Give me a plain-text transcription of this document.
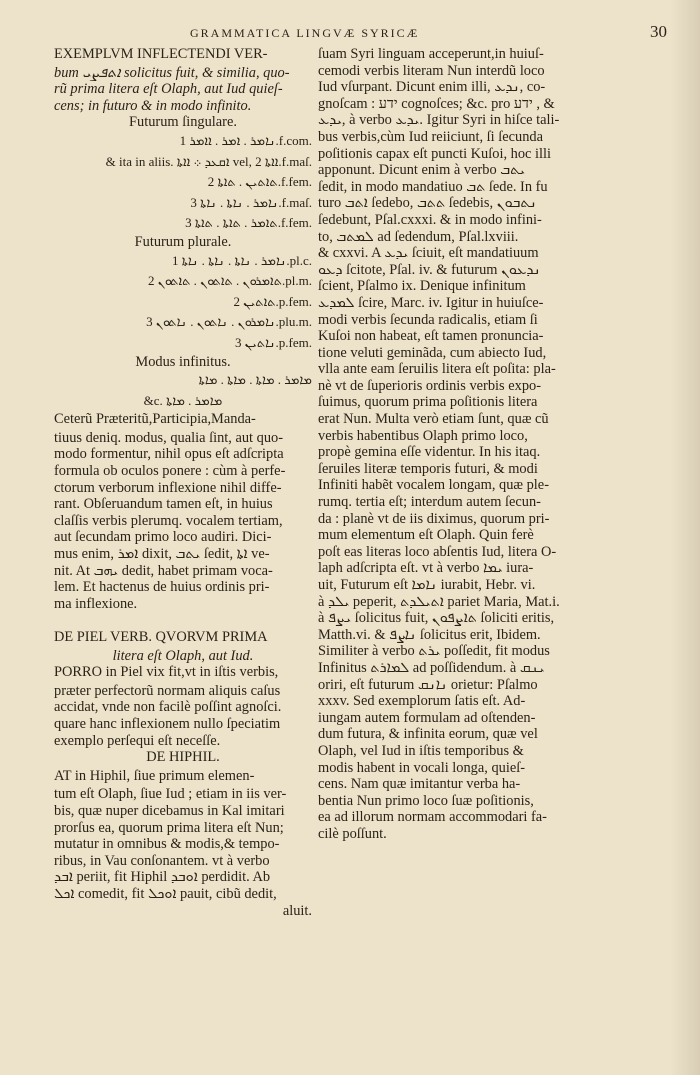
GRAMMATICA LINGVÆ SYRICÆ	30
EXEMPLVM INFLECTENDI VER-
bum ܐܬܦܨܝ solicitus fuit, & similia, quo-
rũ prima litera eſt Olaph, aut Iud quieſ-
cens; in futuro & in modo infinito.
Futurum ſingulare.
ܢܐܡܪ . ܐܡܪ . ܐܐܡܪ 1.f.com.
& ita in aliis. ܐܩܥܕ ܀ ܐܐܬܐ vel, ܐܐܬܐ 2.f.maſ.
ܬܐܬܝܢ . ܬܐܬܐ 2.f.fem.
ܢܐܡܪ . ܢܐܬܐ . ܢܐܬܐ 3.f.maſ.
ܬܐܡܪ . ܬܐܬܐ . ܬܐܬܐ 3.f.fem.
Futurum plurale.
ܢܐܡܪ . ܢܐܬܐ . ܢܐܬܐ . ܢܐܬܐ 1.pl.c.
ܬܐܡܪܘܢ . ܬܐܬܘܢ . ܬܐܬܘܢ 2.pl.m.
ܬܐܬܝܢ 2.p.fem.
ܢܐܡܪܘܢ . ܢܐܬܘܢ . ܢܐܬܘܢ 3.plu.m.
ܢܐܬܝܢ 3.p.fem.
Modus infinitus.
ܡܐܡܪ . ܡܐܬܐ . ܡܐܬܐ . ܡܐܬܐ
&c. ܡܐܡܪ . ܡܐܬܐ
Ceterũ Præteritũ,Participia,Manda-
tiuus deniq. modus, qualia ſint, aut quo-
modo formentur, nihil opus eſt adſcripta
formula ob oculos ponere : cùm à perfe-
ctorum verborum inflexione nihil diffe-
rant. Obſeruandum tamen eſt, in huius
claſſis verbis plerumq. vocalem tertiam,
aut ſecundam primo loco audiri. Dici-
mus enim, ܐܡܪ dixit, ܝܬܒ ſedit, ܐܬܐ ve-
nit. At ܝܗܒ dedit, habet primam voca-
lem. Et hactenus de huius ordinis pri-
ma inflexione.
DE PIEL VERB. QVORVM PRIMA
litera eſt Olaph, aut Iud.
PORRO in Piel vix fit,vt in iſtis verbis,
præter perfectorũ normam aliquis caſus
accidat, vnde non facilè poſſint agnoſci.
quare hanc inflexionem nullo ſpeciatim
exemplo perſequi eſt neceſſe.
DE HIPHIL.
AT in Hiphil, ſiue primum elemen-
tum eſt Olaph, ſiue Iud ; etiam in iis ver-
bis, quæ nuper dicebamus in Kal imitari
prorſus ea, quorum prima litera eſt Nun;
mutatur in omnibus & modis,& tempo-
ribus, in Vau conſonantem. vt à verbo
ܐܒܕ periit, fit Hiphil ܐܘܒܕ perdidit. Ab
ܐܟܠ comedit, fit ܐܘܟܠ pauit, cibũ dedit,
aluit.
ſuam Syri linguam acceperunt,in huiuſ-
cemodi verbis literam Nun interdũ loco
Iud vſurpant. Dicunt enim illi, ܢܕܥ, co-
gnoſcam : ידע cognoſces; &c. pro ידע , &
ܝܕܥ, à verbo ܝܕܥ. Igitur Syri in hiſce tali-
bus verbis,cùm Iud reiiciunt, ſi ſecunda
poſitionis capax eſt puncti Kuſoi, hoc illi
apponunt. Dicunt enim à verbo ܝܬܒ
ſedit, in modo mandatiuo ܬܒ ſede. In fu
turo ܐܬܒ ſedebo, ܬܬܒ ſedebis, ܢܬܒܘܢ
ſedebunt, Pſal.cxxxi. & in modo infini-
to, ܠܡܬܒ ad ſedendum, Pſal.lxviii.
& cxxvi. A ܝܕܥ ſciuit, eſt mandatiuum
ܕܥܘ ſcitote, Pſal. iv. & futurum ܢܕܥܘܢ
ſcient, Pſalmo ix. Denique infinitum
ܠܡܕܥ ſcire, Marc. iv. Igitur in huiuſce-
modi verbis ſecunda radicalis, etiam ſi
Kuſoi non habeat, eſt tamen pronuncia-
tione veluti geminãda, cum abiecto Iud,
vlla ante eam ſeruilis litera eſt poſita: pla-
nè vt de ſuperioris ordinis verbis expo-
ſuimus, quorum prima poſitionis litera
erat Nun. Multa verò etiam ſunt, quæ cũ
verbis habentibus Olaph primo loco,
propè gemina eſſe videntur. In his itaq.
ſeruiles literæ temporis futuri, & modi
Infiniti habẽt vocalem longam, quæ ple-
rumq. tertia eſt; interdum autem ſecun-
da : planè vt de iis diximus, quorum pri-
mum elementum eſt Olaph. Quin ferè
poſt eas literas loco abſentis Iud, litera O-
laph adſcripta eſt. vt à verbo ܝܡܐ iura-
uit, Futurum eſt ܢܐܡܐ iurabit, Hebr. vi.
à ܝܠܕ peperit, ܐܬܝܠܕܬ pariet Maria, Mat.i.
à ܝܨܦ ſolicitus fuit, ܬܐܨܦܘܢ ſoliciti eritis,
Matth.vi. & ܢܐܨܦ ſolicitus erit, Ibidem.
Similiter à verbo ܝܪܬ poſſedit, fit modus
Infinitus ܠܡܐܪܬ ad poſſidendum. à ܝܢܩ
oriri, eſt futurum ܢܐܢܩ orietur: Pſalmo
xxxv. Sed exemplorum ſatis eſt. Ad-
iungam autem formulam ad oſtenden-
dum futura, & infinita eorum, quæ vel
Olaph, vel Iud in iſtis temporibus &
modis habent in vocali longa, quieſ-
cens. Nam quæ imitantur verba ha-
bentia Nun primo loco ſuæ poſitionis,
ea ad illorum normam accommodari fa-
cilè poſſunt.
